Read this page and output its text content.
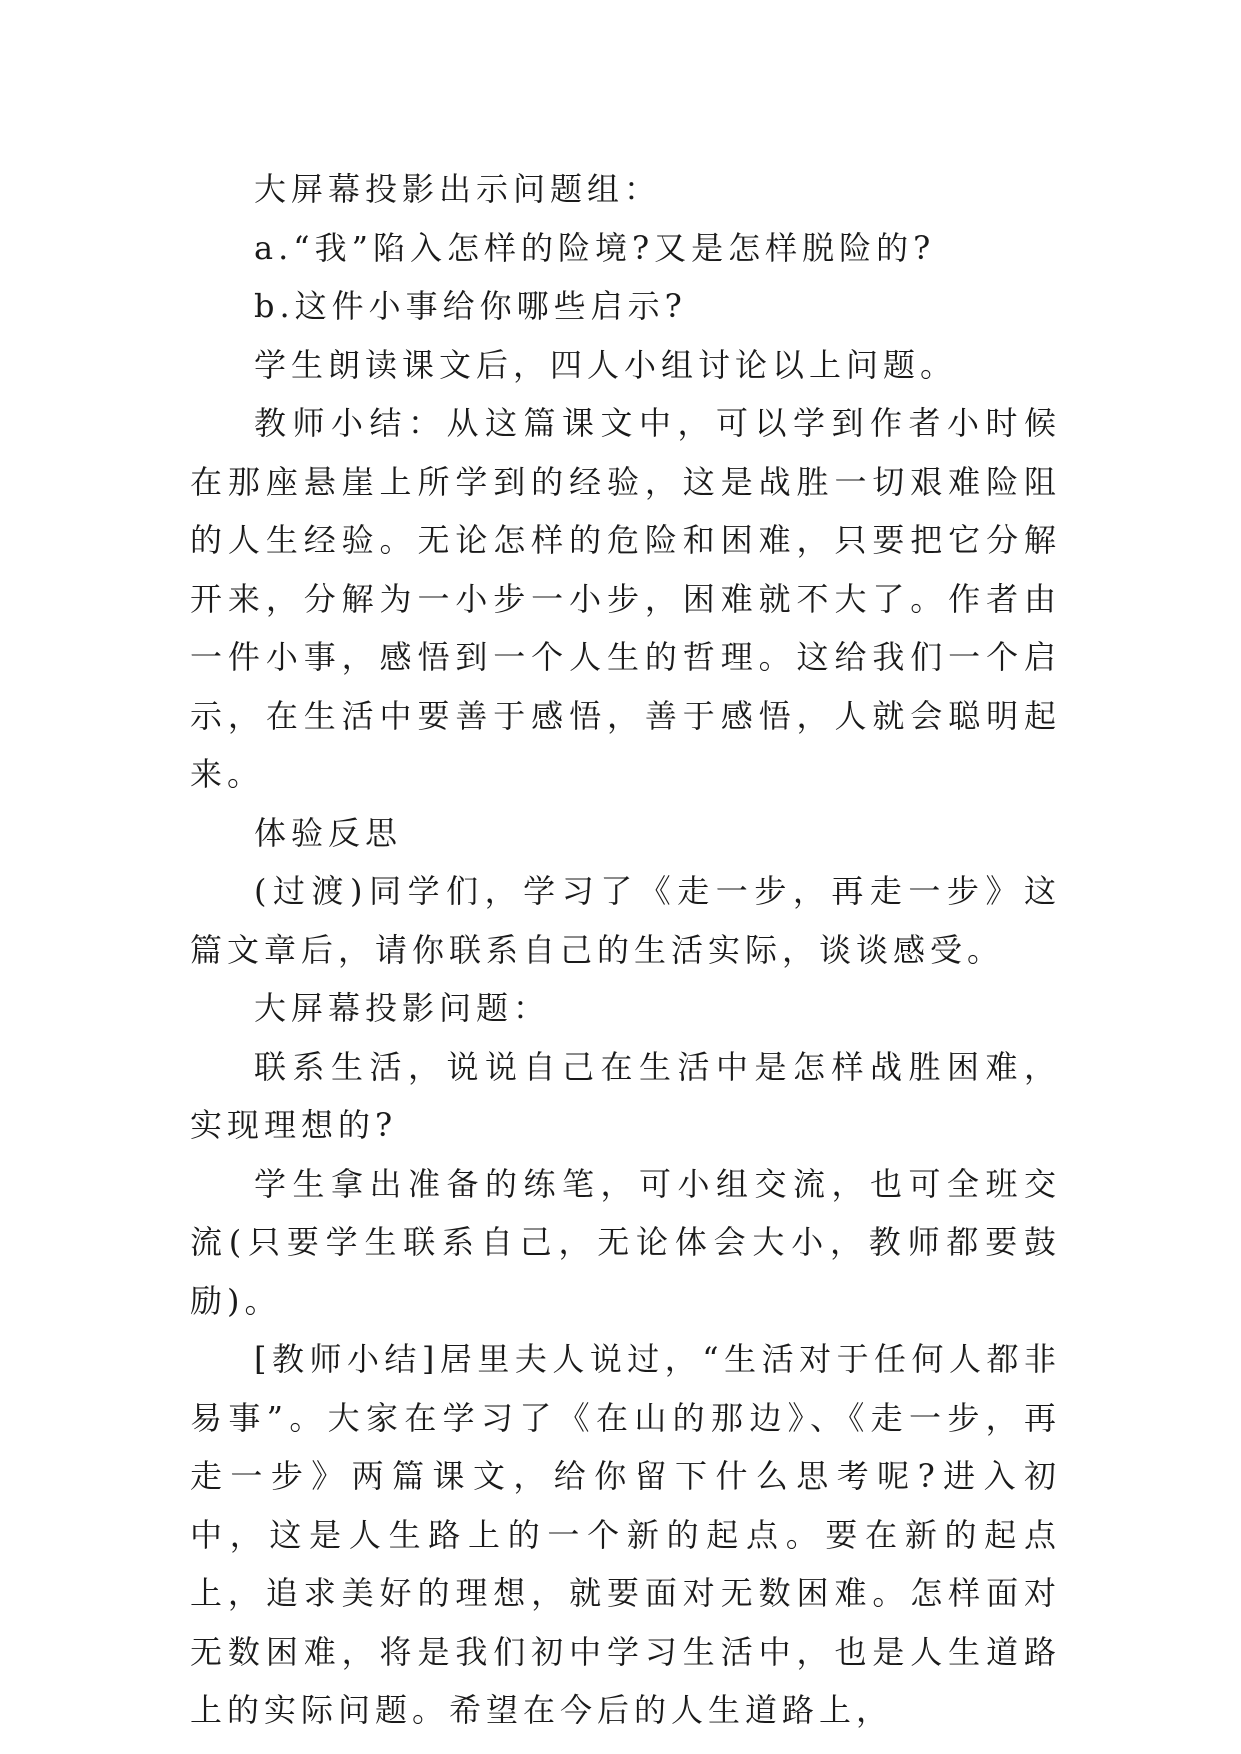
大屏幕投影出示问题组：

a.“我”陷入怎样的险境?又是怎样脱险的?

b.这件小事给你哪些启示?

学生朗读课文后，四人小组讨论以上问题。

教师小结：从这篇课文中，可以学到作者小时候在那座悬崖上所学到的经验，这是战胜一切艰难险阻的人生经验。无论怎样的危险和困难，只要把它分解开来，分解为一小步一小步，困难就不大了。作者由一件小事，感悟到一个人生的哲理。这给我们一个启示，在生活中要善于感悟，善于感悟，人就会聪明起来。

体验反思

(过渡)同学们，学习了《走一步，再走一步》这篇文章后，请你联系自己的生活实际，谈谈感受。

大屏幕投影问题：

联系生活，说说自己在生活中是怎样战胜困难，实现理想的?

学生拿出准备的练笔，可小组交流，也可全班交流(只要学生联系自己，无论体会大小，教师都要鼓励)。

[教师小结]居里夫人说过，“生活对于任何人都非易事”。大家在学习了《在山的那边》、《走一步，再走一步》两篇课文，给你留下什么思考呢?进入初中，这是人生路上的一个新的起点。要在新的起点上，追求美好的理想，就要面对无数困难。怎样面对无数困难，将是我们初中学习生活中，也是人生道路上的实际问题。希望在今后的人生道路上，
